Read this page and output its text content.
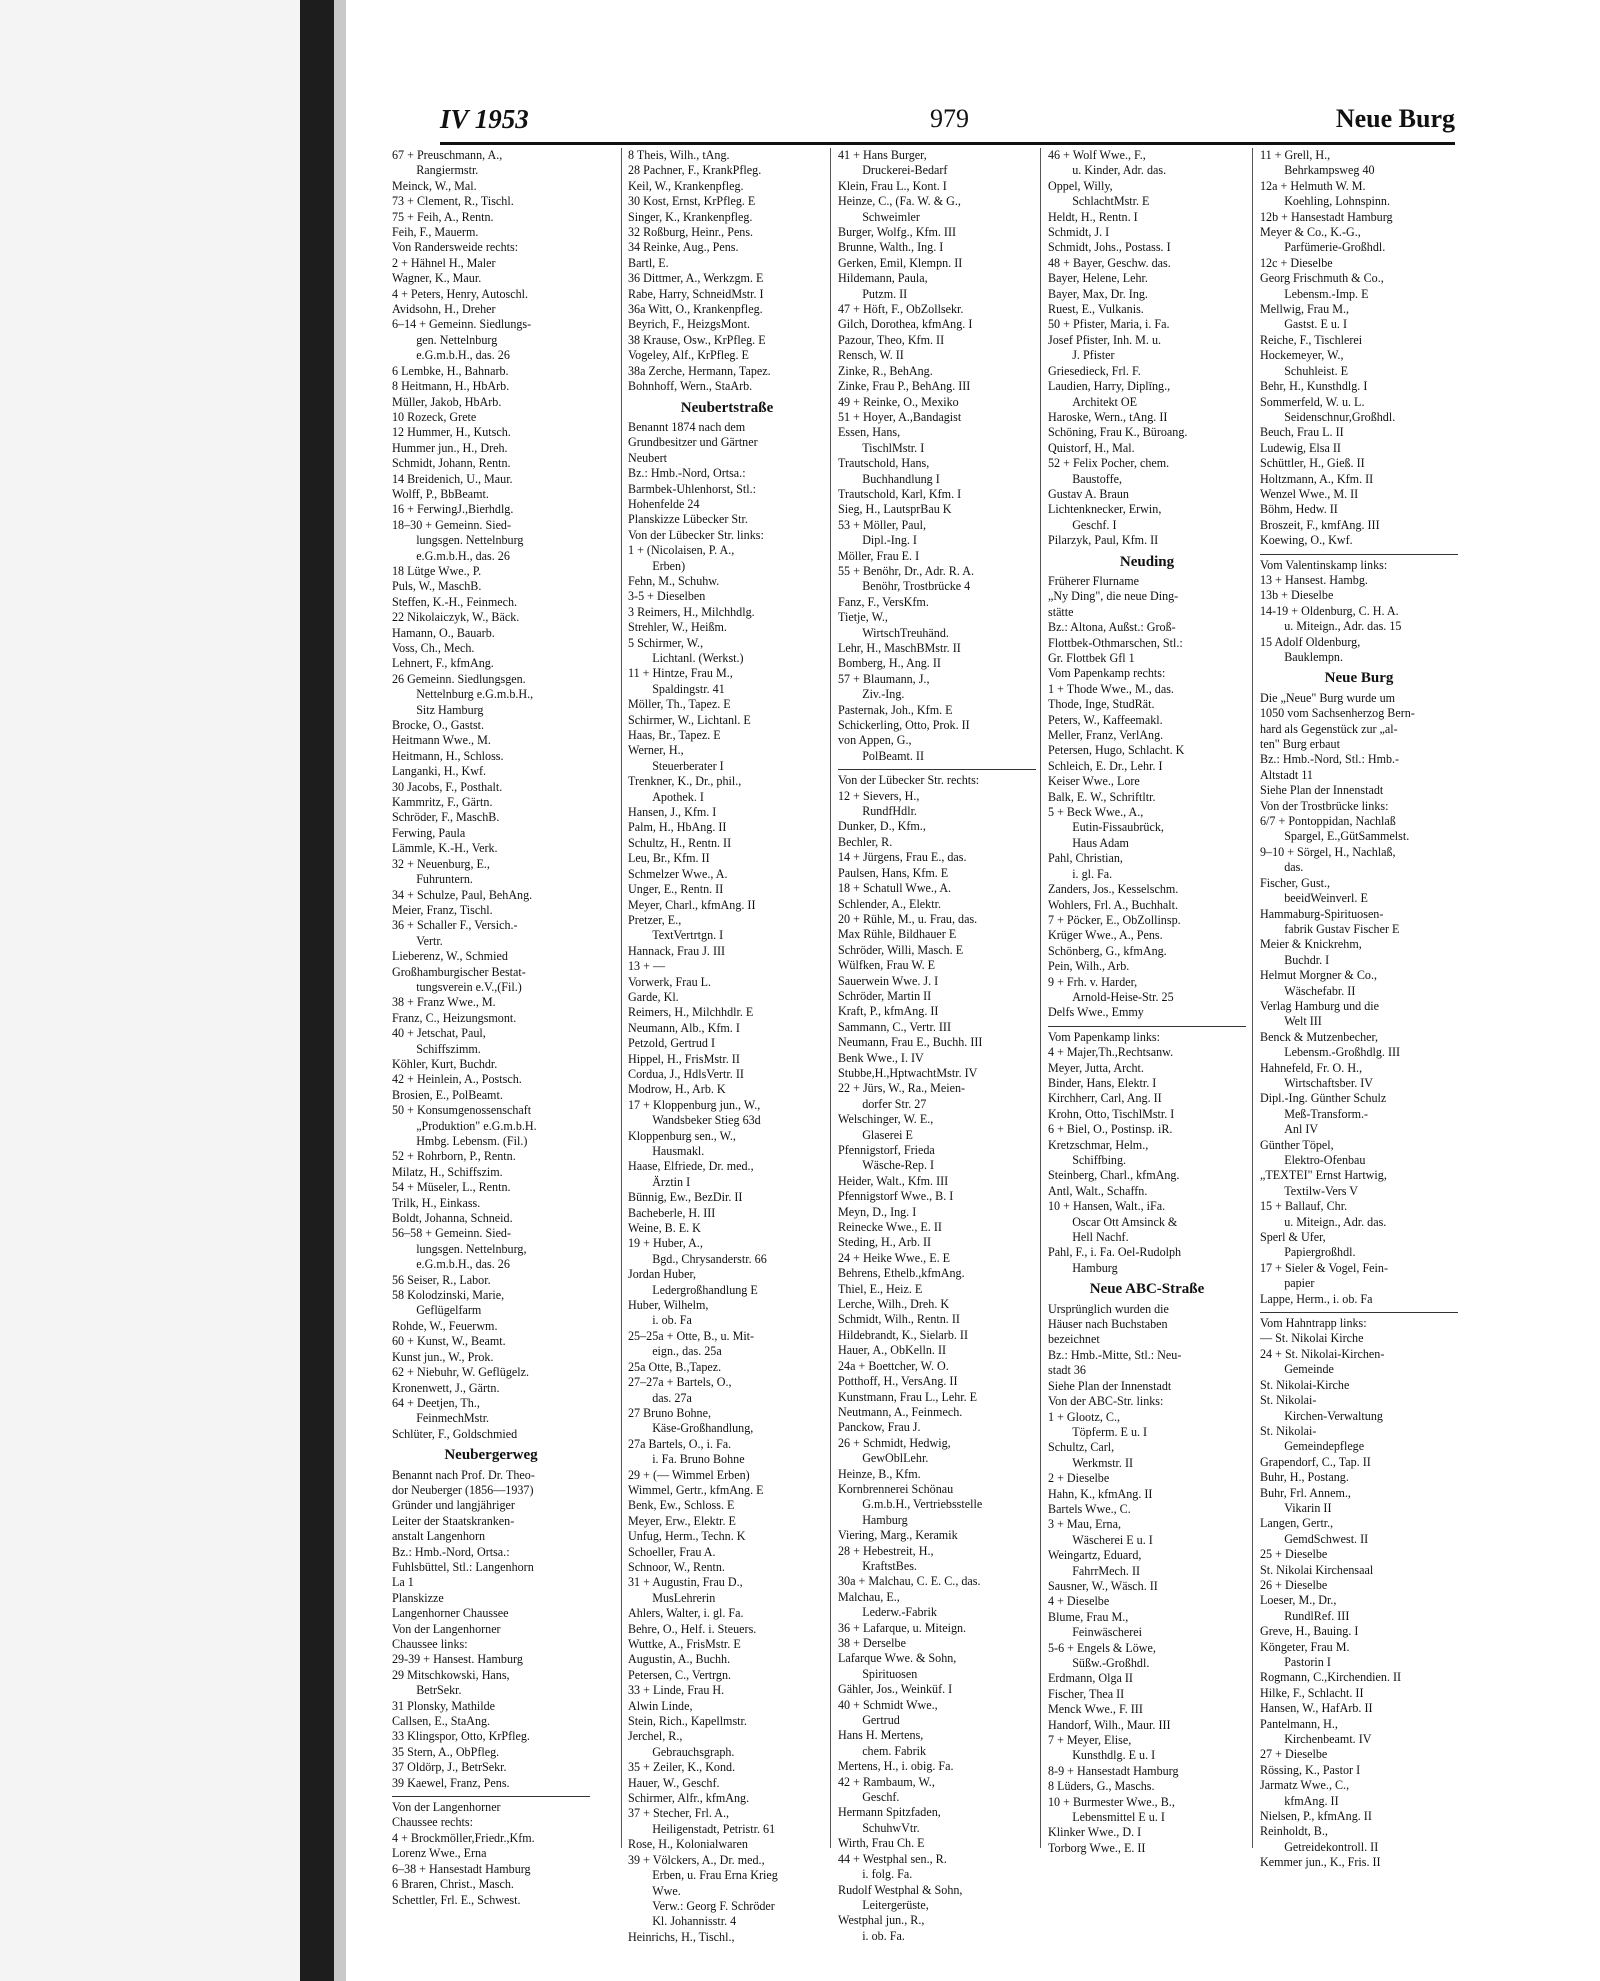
IV 1953	979	Neue Burg
67 + Preuschmann, A.,
  Rangiermstr.
Meinck, W., Mal.
73 + Clement, R., Tischl.
75 + Feih, A., Rentn.
Feih, F., Mauerm.
Von Randersweide rechts:
2 + Hähnel H., Maler
Wagner, K., Maur.
4 + Peters, Henry, Autoschl.
Avidsohn, H., Dreher
6–14 + Gemeinn. Siedlungs-
  gen. Nettelnburg
  e.G.m.b.H., das. 26
6 Lembke, H., Bahnarb.
8 Heitmann, H., HbArb.
Müller, Jakob, HbArb.
10 Rozeck, Grete
12 Hummer, H., Kutsch.
Hummer jun., H., Dreh.
Schmidt, Johann, Rentn.
14 Breidenich, U., Maur.
Wolff, P., BbBeamt.
16 + FerwingJ.,Bierhdlg.
18–30 + Gemeinn. Sied-
  lungsgen. Nettelnburg
  e.G.m.b.H., das. 26
18 Lütge Wwe., P.
Puls, W., MaschB.
Steffen, K.-H., Feinmech.
22 Nikolaiczyk, W., Bäck.
Hamann, O., Bauarb.
Voss, Ch., Mech.
Lehnert, F., kfmAng.
26 Gemeinn. Siedlungsgen.
  Nettelnburg e.G.m.b.H.,
  Sitz Hamburg
Brocke, O., Gastst.
Heitmann Wwe., M.
Heitmann, H., Schloss.
Langanki, H., Kwf.
30 Jacobs, F., Posthalt.
Kammritz, F., Gärtn.
Schröder, F., MaschB.
Ferwing, Paula
Lämmle, K.-H., Verk.
32 + Neuenburg, E.,
  Fuhruntern.
34 + Schulze, Paul, BehAng.
Meier, Franz, Tischl.
36 + Schaller F., Versich.-
  Vertr.
Lieberenz, W., Schmied
Großhamburgischer Bestat-
  tungsverein e.V.,(Fil.)
38 + Franz Wwe., M.
Franz, C., Heizungsmont.
40 + Jetschat, Paul,
  Schiffszimm.
Köhler, Kurt, Buchdr.
42 + Heinlein, A., Postsch.
Brosien, E., PolBeamt.
50 + Konsumgenossenschaft
  „Produktion" e.G.m.b.H.
  Hmbg. Lebensm. (Fil.)
52 + Rohrborn, P., Rentn.
Milatz, H., Schiffszim.
54 + Müseler, L., Rentn.
Trilk, H., Einkass.
Boldt, Johanna, Schneid.
56–58 + Gemeinn. Sied-
  lungsgen. Nettelnburg,
  e.G.m.b.H., das. 26
56 Seiser, R., Labor.
58 Kolodzinski, Marie,
  Geflügelfarm
Rohde, W., Feuerwm.
60 + Kunst, W., Beamt.
Kunst jun., W., Prok.
62 + Niebuhr, W. Geflügelz.
Kronenwett, J., Gärtn.
64 + Deetjen, Th.,
  FeinmechMstr.
Schlüter, F., Goldschmied
Neubergerweg
Benannt nach Prof. Dr. Theo-
dor Neuberger (1856—1937)
Gründer und langjähriger
Leiter der Staatskranken-
anstalt Langenhorn
Bz.: Hmb.-Nord, Ortsa.:
Fuhlsbüttel, Stl.: Langenhorn
La 1
Planskizze
Langenhorner Chaussee
Von der Langenhorner
Chaussee links:
29-39 + Hansest. Hamburg
29 Mitschkowski, Hans,
  BetrSekr.
31 Plonsky, Mathilde
Callsen, E., StaAng.
33 Klingspor, Otto, KrPfleg.
35 Stern, A., ObPfleg.
37 Oldörp, J., BetrSekr.
39 Kaewel, Franz, Pens.
Von der Langenhorner
Chaussee rechts:
4 + Brockmöller,Friedr.,Kfm.
Lorenz Wwe., Erna
6–38 + Hansestadt Hamburg
6 Braren, Christ., Masch.
Schettler, Frl. E., Schwest.
8 Theis, Wilh., tAng.
28 Pachner, F., KrankPfleg.
Keil, W., Krankenpfleg.
30 Kost, Ernst, KrPfleg. E
Singer, K., Krankenpfleg.
32 Roßburg, Heinr., Pens.
34 Reinke, Aug., Pens.
Bartl, E.
36 Dittmer, A., Werkzgm. E
Rabe, Harry, SchneidMstr. I
36a Witt, O., Krankenpfleg.
Beyrich, F., HeizgsMont.
38 Krause, Osw., KrPfleg. E
Vogeley, Alf., KrPfleg. E
38a Zerche, Hermann, Tapez.
Bohnhoff, Wern., StaArb.
Neubertstraße
Benannt 1874 nach dem
Grundbesitzer und Gärtner
Neubert
Bz.: Hmb.-Nord, Ortsa.:
Barmbek-Uhlenhorst, Stl.:
Hohenfelde 24
Planskizze Lübecker Str.
Von der Lübecker Str. links:
1 + (Nicolaisen, P. A.,
  Erben)
Fehn, M., Schuhw.
3-5 + Dieselben
3 Reimers, H., Milchhdlg.
Strehler, W., Heißm.
5 Schirmer, W.,
  Lichtanl. (Werkst.)
11 + Hintze, Frau M.,
  Spaldingstr. 41
Möller, Th., Tapez. E
Schirmer, W., Lichtanl. E
Haas, Br., Tapez. E
Werner, H.,
  Steuerberater I
Trenkner, K., Dr., phil.,
  Apothek. I
Hansen, J., Kfm. I
Palm, H., HbAng. II
Schultz, H., Rentn. II
Leu, Br., Kfm. II
Schmelzer Wwe., A.
Unger, E., Rentn. II
Meyer, Charl., kfmAng. II
Pretzer, E.,
  TextVertrtgn. I
Hannack, Frau J. III
13 + —
Vorwerk, Frau L.
Garde, Kl.
Reimers, H., Milchhdlr. E
Neumann, Alb., Kfm. I
Petzold, Gertrud I
Hippel, H., FrisMstr. II
Cordua, J., HdlsVertr. II
Modrow, H., Arb. K
17 + Kloppenburg jun., W.,
  Wandsbeker Stieg 63d
Kloppenburg sen., W.,
  Hausmakl.
Haase, Elfriede, Dr. med.,
  Ärztin I
Bünnig, Ew., BezDir. II
Bacheberle, H. III
Weine, B. E. K
19 + Huber, A.,
  Bgd., Chrysanderstr. 66
Jordan Huber,
  Ledergroßhandlung E
Huber, Wilhelm,
  i. ob. Fa
25–25a + Otte, B., u. Mit-
  eign., das. 25a
25a Otte, B.,Tapez.
27–27a + Bartels, O.,
  das. 27a
27 Bruno Bohne,
  Käse-Großhandlung,
27a Bartels, O., i. Fa.
  i. Fa. Bruno Bohne
29 + (— Wimmel Erben)
Wimmel, Gertr., kfmAng. E
Benk, Ew., Schloss. E
Meyer, Erw., Elektr. E
Unfug, Herm., Techn. K
Schoeller, Frau A.
Schnoor, W., Rentn.
31 + Augustin, Frau D.,
  MusLehrerin
Ahlers, Walter, i. gl. Fa.
Behre, O., Helf. i. Steuers.
Wuttke, A., FrisMstr. E
Augustin, A., Buchh.
Petersen, C., Vertrgn.
33 + Linde, Frau H.
Alwin Linde,
Stein, Rich., Kapellmstr.
Jerchel, R.,
  Gebrauchsgraph.
35 + Zeiler, K., Kond.
Hauer, W., Geschf.
Schirmer, Alfr., kfmAng.
37 + Stecher, Frl. A.,
  Heiligenstadt, Petristr. 61
Rose, H., Kolonialwaren
39 + Völckers, A., Dr. med.,
  Erben, u. Frau Erna Krieg
  Wwe.
  Verw.: Georg F. Schröder
  Kl. Johannisstr. 4
Heinrichs, H., Tischl.,
41 + Hans Burger,
  Druckerei-Bedarf
Klein, Frau L., Kont. I
Heinze, C., (Fa. W. & G.,
  Schweimler
Burger, Wolfg., Kfm. III
Brunne, Walth., Ing. I
Gerken, Emil, Klempn. II
Hildemann, Paula,
  Putzm. II
47 + Höft, F., ObZollsekr.
Gilch, Dorothea, kfmAng. I
Pazour, Theo, Kfm. II
Rensch, W. II
Zinke, R., BehAng.
Zinke, Frau P., BehAng. III
49 + Reinke, O., Mexiko
51 + Hoyer, A.,Bandagist
Essen, Hans,
  TischlMstr. I
Trautschold, Hans,
  Buchhandlung I
Trautschold, Karl, Kfm. I
Sieg, H., LautsprBau K
53 + Möller, Paul,
  Dipl.-Ing. I
Möller, Frau E. I
55 + Benöhr, Dr., Adr. R. A.
  Benöhr, Trostbrücke 4
Fanz, F., VersKfm.
Tietje, W.,
  WirtschTreuhänd.
Lehr, H., MaschBMstr. II
Bomberg, H., Ang. II
57 + Blaumann, J.,
  Ziv.-Ing.
Pasternak, Joh., Kfm. E
Schickerling, Otto, Prok. II
von Appen, G.,
  PolBeamt. II
Von der Lübecker Str. rechts:
12 + Sievers, H.,
  RundfHdlr.
Dunker, D., Kfm.,
Bechler, R.
14 + Jürgens, Frau E., das.
Paulsen, Hans, Kfm. E
18 + Schatull Wwe., A.
Schlender, A., Elektr.
20 + Rühle, M., u. Frau, das.
Max Rühle, Bildhauer E
Schröder, Willi, Masch. E
Wülfken, Frau W. E
Sauerwein Wwe. J. I
Schröder, Martin II
Kraft, P., kfmAng. II
Sammann, C., Vertr. III
Neumann, Frau E., Buchh. III
Benk Wwe., I. IV
Stubbe,H.,HptwachtMstr. IV
22 + Jürs, W., Ra., Meien-
  dorfer Str. 27
Welschinger, W. E.,
  Glaserei E
Pfennigstorf, Frieda
  Wäsche-Rep. I
Heider, Walt., Kfm. III
Pfennigstorf Wwe., B. I
Meyn, D., Ing. I
Reinecke Wwe., E. II
Steding, H., Arb. II
24 + Heike Wwe., E. E
Behrens, Ethelb.,kfmAng.
Thiel, E., Heiz. E
Lerche, Wilh., Dreh. K
Schmidt, Wilh., Rentn. II
Hildebrandt, K., Sielarb. II
Hauer, A., ObKelln. II
24a + Boettcher, W. O.
Potthoff, H., VersAng. II
Kunstmann, Frau L., Lehr. E
Neutmann, A., Feinmech.
Panckow, Frau J.
26 + Schmidt, Hedwig,
  GewOblLehr.
Heinze, B., Kfm.
Kornbrennerei Schönau
  G.m.b.H., Vertriebsstelle
  Hamburg
Viering, Marg., Keramik
28 + Hebestreit, H.,
  KraftstBes.
30a + Malchau, C. E. C., das.
Malchau, E.,
  Lederw.-Fabrik
36 + Lafarque, u. Miteign.
38 + Derselbe
Lafarque Wwe. & Sohn,
  Spirituosen
Gähler, Jos., Weinküf. I
40 + Schmidt Wwe.,
  Gertrud
Hans H. Mertens,
  chem. Fabrik
Mertens, H., i. obig. Fa.
42 + Rambaum, W.,
  Geschf.
Hermann Spitzfaden,
  SchuhwVtr.
Wirth, Frau Ch. E
44 + Westphal sen., R.
  i. folg. Fa.
Rudolf Westphal & Sohn,
  Leitergerüste,
Westphal jun., R.,
  i. ob. Fa.
46 + Wolf Wwe., F.,
  u. Kinder, Adr. das.
Oppel, Willy,
  SchlachtMstr. E
Heldt, H., Rentn. I
Schmidt, J. I
Schmidt, Johs., Postass. I
48 + Bayer, Geschw. das.
Bayer, Helene, Lehr.
Bayer, Max, Dr. Ing.
Ruest, E., Vulkanis.
50 + Pfister, Maria, i. Fa.
Josef Pfister, Inh. M. u.
  J. Pfister
Griesedieck, Frl. F.
Laudien, Harry, Diplīng.,
  Architekt OE
Haroske, Wern., tAng. II
Schöning, Frau K., Büroang.
Quistorf, H., Mal.
52 + Felix Pocher, chem.
  Baustoffe,
Gustav A. Braun
Lichtenknecker, Erwin,
  Geschf. I
Pilarzyk, Paul, Kfm. II
Neuding
Früherer Flurname
„Ny Ding", die neue Ding-
stätte
Bz.: Altona, Außst.: Groß-
Flottbek-Othmarschen, Stl.:
Gr. Flottbek Gfl 1
Vom Papenkamp rechts:
1 + Thode Wwe., M., das.
Thode, Inge, StudRät.
Peters, W., Kaffeemakl.
Meller, Franz, VerlAng.
Petersen, Hugo, Schlacht. K
Schleich, E. Dr., Lehr. I
Keiser Wwe., Lore
Balk, E. W., Schriftltr.
5 + Beck Wwe., A.,
  Eutin-Fissaubrück,
  Haus Adam
Pahl, Christian,
  i. gl. Fa.
Zanders, Jos., Kesselschm.
Wohlers, Frl. A., Buchhalt.
7 + Pöcker, E., ObZollinsp.
Krüger Wwe., A., Pens.
Schönberg, G., kfmAng.
Pein, Wilh., Arb.
9 + Frh. v. Harder,
  Arnold-Heise-Str. 25
Delfs Wwe., Emmy
Vom Papenkamp links:
4 + Majer,Th.,Rechtsanw.
Meyer, Jutta, Archt.
Binder, Hans, Elektr. I
Kirchherr, Carl, Ang. II
Krohn, Otto, TischlMstr. I
6 + Biel, O., Postinsp. iR.
Kretzschmar, Helm.,
  Schiffbing.
Steinberg, Charl., kfmAng.
Antl, Walt., Schaffn.
10 + Hansen, Walt., iFa.
  Oscar Ott Amsinck &
  Hell Nachf.
Pahl, F., i. Fa. Oel-Rudolph
  Hamburg
Neue ABC-Straße
Ursprünglich wurden die
Häuser nach Buchstaben
bezeichnet
Bz.: Hmb.-Mitte, Stl.: Neu-
stadt 36
Siehe Plan der Innenstadt
Von der ABC-Str. links:
1 + Glootz, C.,
  Töpferm. E u. I
Schultz, Carl,
  Werkmstr. II
2 + Dieselbe
Hahn, K., kfmAng. II
Bartels Wwe., C.
3 + Mau, Erna,
  Wäscherei E u. I
Weingartz, Eduard,
  FahrrMech. II
Sausner, W., Wäsch. II
4 + Dieselbe
Blume, Frau M.,
  Feinwäscherei
5-6 + Engels & Löwe,
  Süßw.-Großhdl.
Erdmann, Olga II
Fischer, Thea II
Menck Wwe., F. III
Handorf, Wilh., Maur. III
7 + Meyer, Elise,
  Kunsthdlg. E u. I
8-9 + Hansestadt Hamburg
8 Lüders, G., Maschs.
10 + Burmester Wwe., B.,
  Lebensmittel E u. I
Klinker Wwe., D. I
Torborg Wwe., E. II
11 + Grell, H.,
  Behrkampsweg 40
12a + Helmuth W. M.
  Koehling, Lohnspinn.
12b + Hansestadt Hamburg
Meyer & Co., K.-G.,
  Parfümerie-Großhdl.
12c + Dieselbe
Georg Frischmuth & Co.,
  Lebensm.-Imp. E
Mellwig, Frau M.,
  Gastst. E u. I
Reiche, F., Tischlerei
Hockemeyer, W.,
  Schuhleist. E
Behr, H., Kunsthdlg. I
Sommerfeld, W. u. L.
  Seidenschnur,Großhdl.
Beuch, Frau L. II
Ludewig, Elsa II
Schüttler, H., Gieß. II
Holtzmann, A., Kfm. II
Wenzel Wwe., M. II
Böhm, Hedw. II
Broszeit, F., kmfAng. III
Koewing, O., Kwf.
Vom Valentinskamp links:
13 + Hansest. Hambg.
13b + Dieselbe
14-19 + Oldenburg, C. H. A.
  u. Miteign., Adr. das. 15
15 Adolf Oldenburg,
  Bauklempn.
Neue Burg
Die „Neue" Burg wurde um
1050 vom Sachsenherzog Bern-
hard als Gegenstück zur „al-
ten" Burg erbaut
Bz.: Hmb.-Nord, Stl.: Hmb.-
Altstadt 11
Siehe Plan der Innenstadt
Von der Trostbrücke links:
6/7 + Pontoppidan, Nachlaß
  Spargel, E.,GütSammelst.
9–10 + Sörgel, H., Nachlaß,
  das.
Fischer, Gust.,
  beeidWeinverl. E
Hammaburg-Spirituosen-
  fabrik Gustav Fischer E
Meier & Knickrehm,
  Buchdr. I
Helmut Morgner & Co.,
  Wäschefabr. II
Verlag Hamburg und die
  Welt III
Benck & Mutzenbecher,
  Lebensm.-Großhdlg. III
Hahnefeld, Fr. O. H.,
  Wirtschaftsber. IV
Dipl.-Ing. Günther Schulz
  Meß-Transform.-
  Anl IV
Günther Töpel,
  Elektro-Ofenbau
„TEXTEI" Ernst Hartwig,
  Textilw-Vers V
15 + Ballauf, Chr.
  u. Miteign., Adr. das.
Sperl & Ufer,
  Papiergroßhdl.
17 + Sieler & Vogel, Fein-
  papier
Lappe, Herm., i. ob. Fa
Vom Hahntrapp links:
— St. Nikolai Kirche
24 + St. Nikolai-Kirchen-
  Gemeinde
St. Nikolai-Kirche
St. Nikolai-
  Kirchen-Verwaltung
St. Nikolai-
  Gemeindepflege
Grapendorf, C., Tap. II
Buhr, H., Postang.
Buhr, Frl. Annem.,
  Vikarin II
Langen, Gertr.,
  GemdSchwest. II
25 + Dieselbe
St. Nikolai Kirchensaal
26 + Dieselbe
Loeser, M., Dr.,
  RundlRef. III
Greve, H., Bauing. I
Köngeter, Frau M.
  Pastorin I
Rogmann, C.,Kirchendien. II
Hilke, F., Schlacht. II
Hansen, W., HafArb. II
Pantelmann, H.,
  Kirchenbeamt. IV
27 + Dieselbe
Rössing, K., Pastor I
Jarmatz Wwe., C.,
  kfmAng. II
Nielsen, P., kfmAng. II
Reinholdt, B.,
  Getreidekontroll. II
Kemmer jun., K., Fris. II
